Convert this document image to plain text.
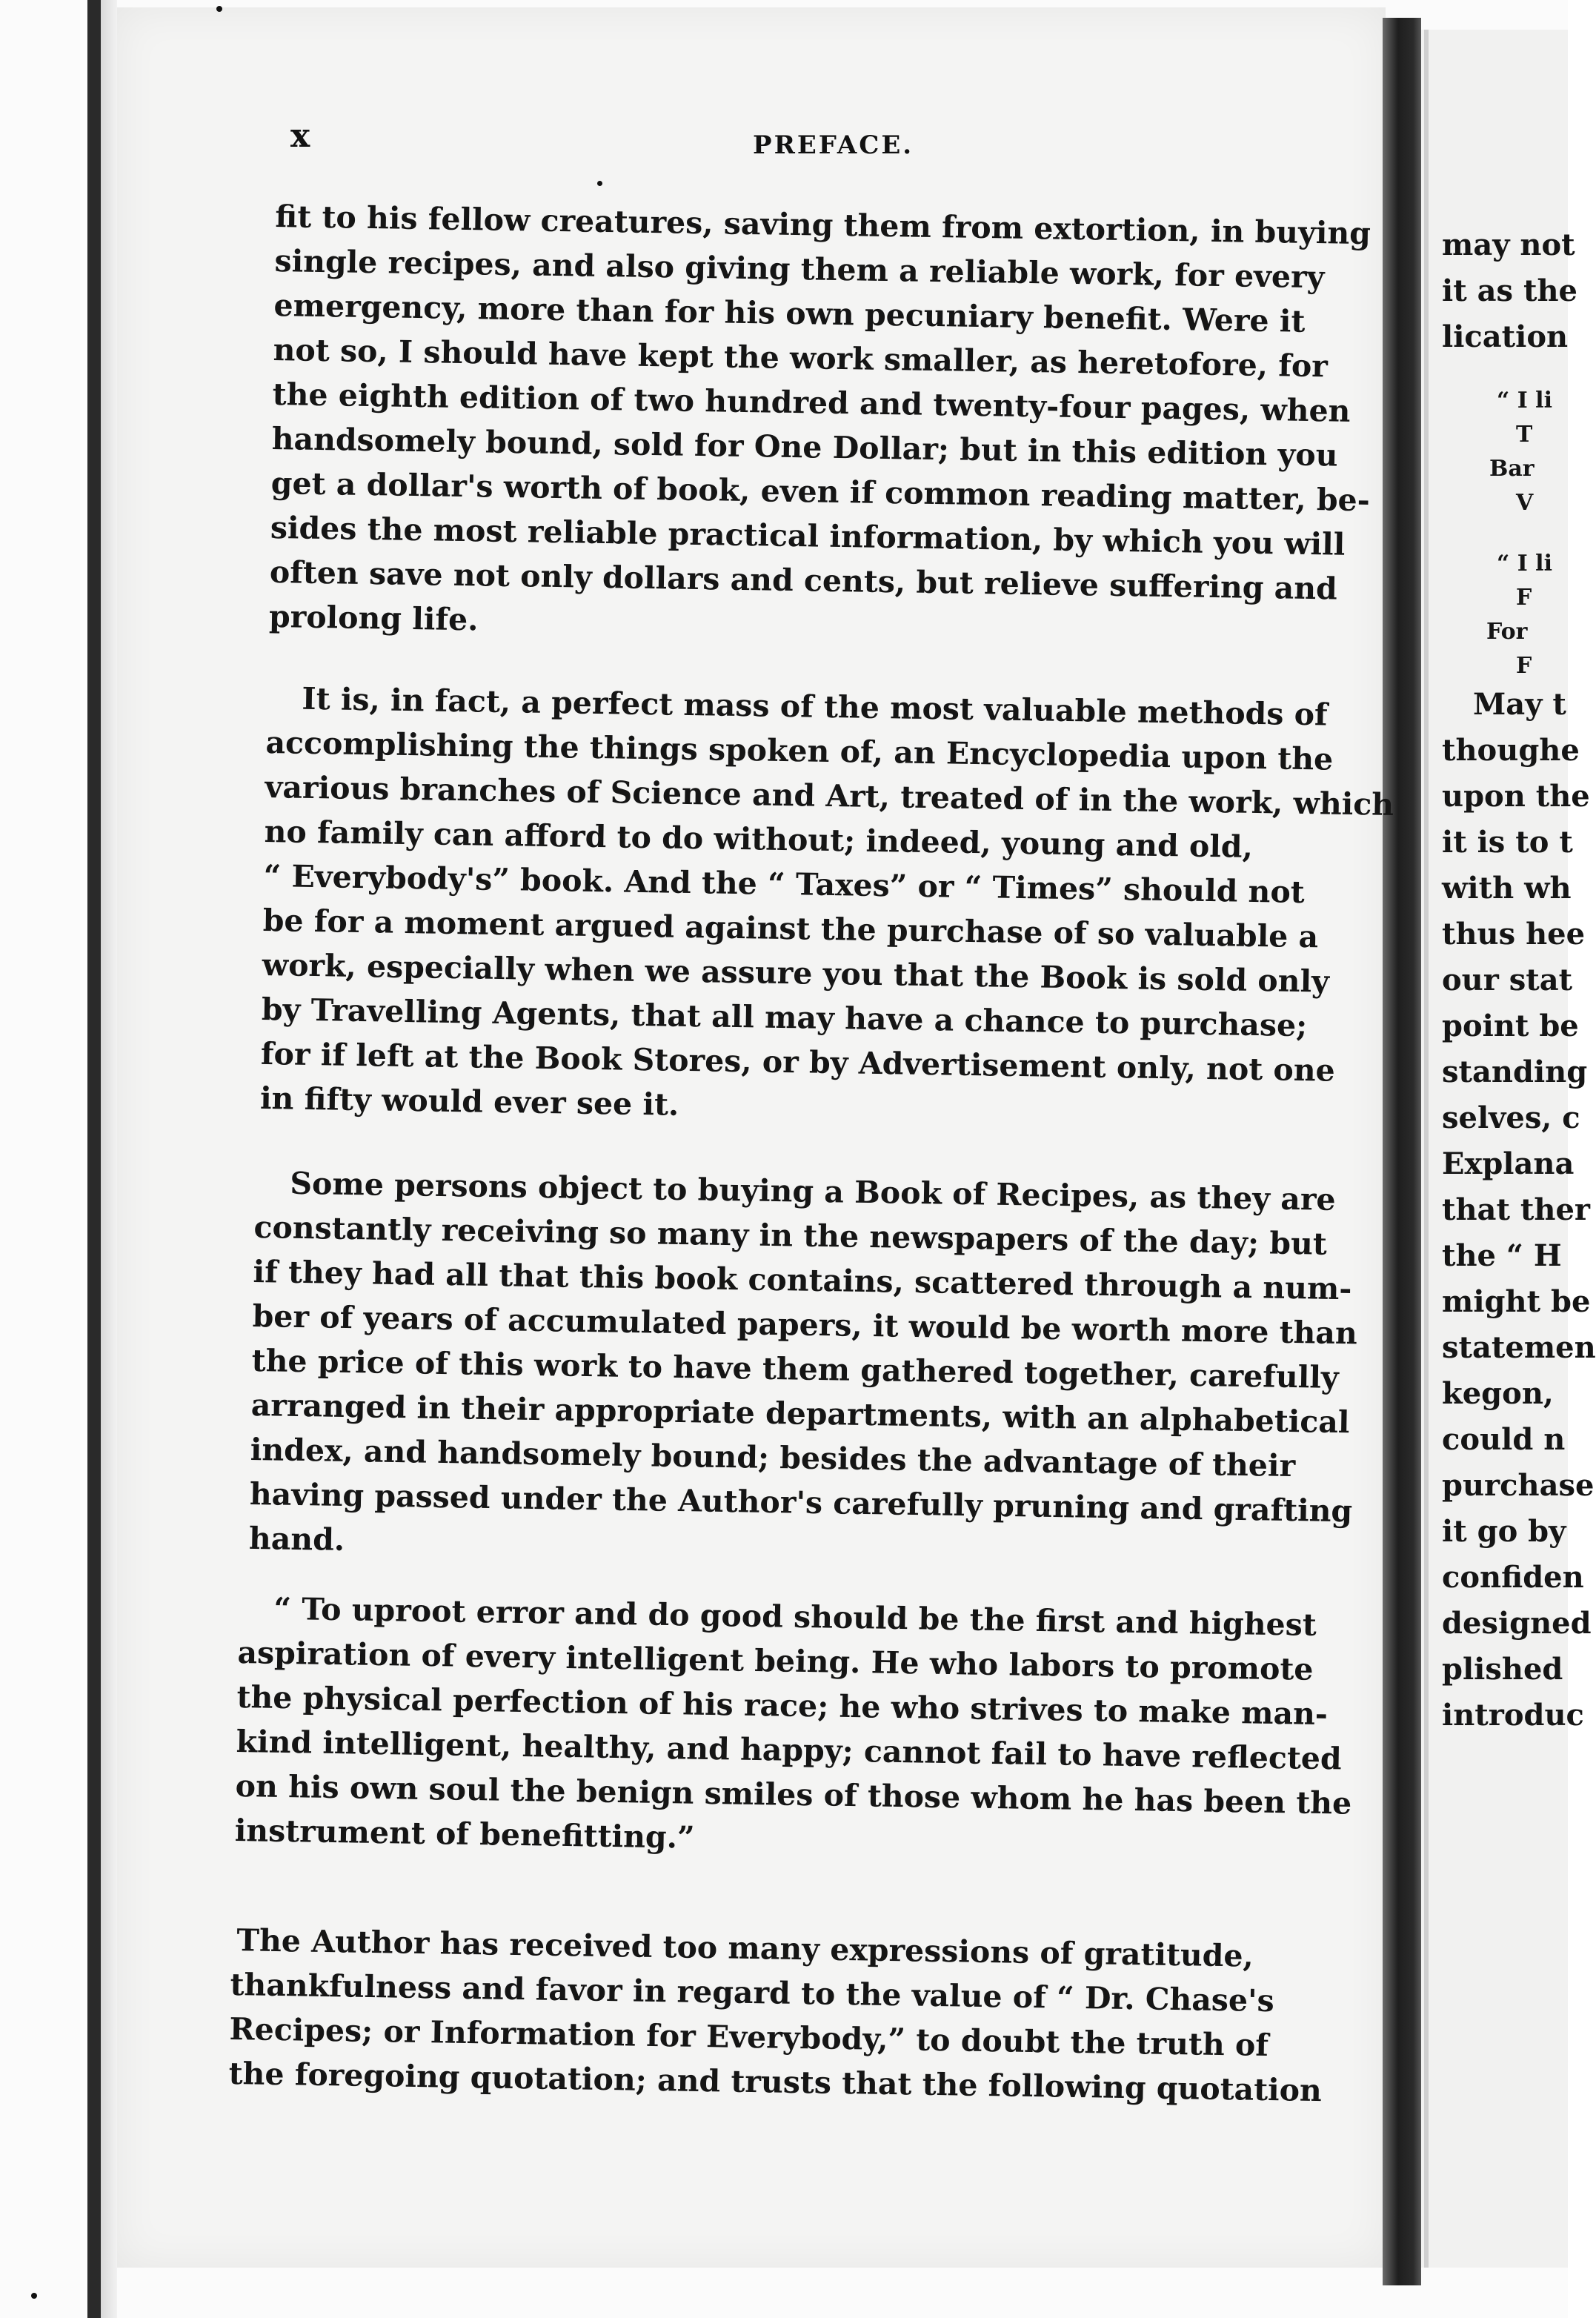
x	PREFACE.
fit to his fellow creatures, saving them from extortion, in buying
single recipes, and also giving them a reliable work, for every
emergency, more than for his own pecuniary benefit. Were it
not so, I should have kept the work smaller, as heretofore, for
the eighth edition of two hundred and twenty-four pages, when
handsomely bound, sold for One Dollar; but in this edition you
get a dollar's worth of book, even if common reading matter, be-
sides the most reliable practical information, by which you will
often save not only dollars and cents, but relieve suffering and
prolong life.
It is, in fact, a perfect mass of the most valuable methods of
accomplishing the things spoken of, an Encyclopedia upon the
various branches of Science and Art, treated of in the work, which
no family can afford to do without; indeed, young and old,
“ Everybody's” book. And the “ Taxes” or “ Times” should not
be for a moment argued against the purchase of so valuable a
work, especially when we assure you that the Book is sold only
by Travelling Agents, that all may have a chance to purchase;
for if left at the Book Stores, or by Advertisement only, not one
in fifty would ever see it.
Some persons object to buying a Book of Recipes, as they are
constantly receiving so many in the newspapers of the day; but
if they had all that this book contains, scattered through a num-
ber of years of accumulated papers, it would be worth more than
the price of this work to have them gathered together, carefully
arranged in their appropriate departments, with an alphabetical
index, and handsomely bound; besides the advantage of their
having passed under the Author's carefully pruning and grafting
hand.
“ To uproot error and do good should be the first and highest
aspiration of every intelligent being. He who labors to promote
the physical perfection of his race; he who strives to make man-
kind intelligent, healthy, and happy; cannot fail to have reflected
on his own soul the benign smiles of those whom he has been the
instrument of benefitting.”
The Author has received too many expressions of gratitude,
thankfulness and favor in regard to the value of “ Dr. Chase's
Recipes; or Information for Everybody,” to doubt the truth of
the foregoing quotation; and trusts that the following quotation
may not
it as the
lication
“ I li
T
Bar
V
“ I li
F
For
F
May t
thoughe
upon the
it is to t
with wh
thus hee
our stat
point be
standing
selves, c
Explana
that ther
the “ H
might be
statemen
kegon,
could n
purchase
it go by
confiden
designed
plished
introduc
